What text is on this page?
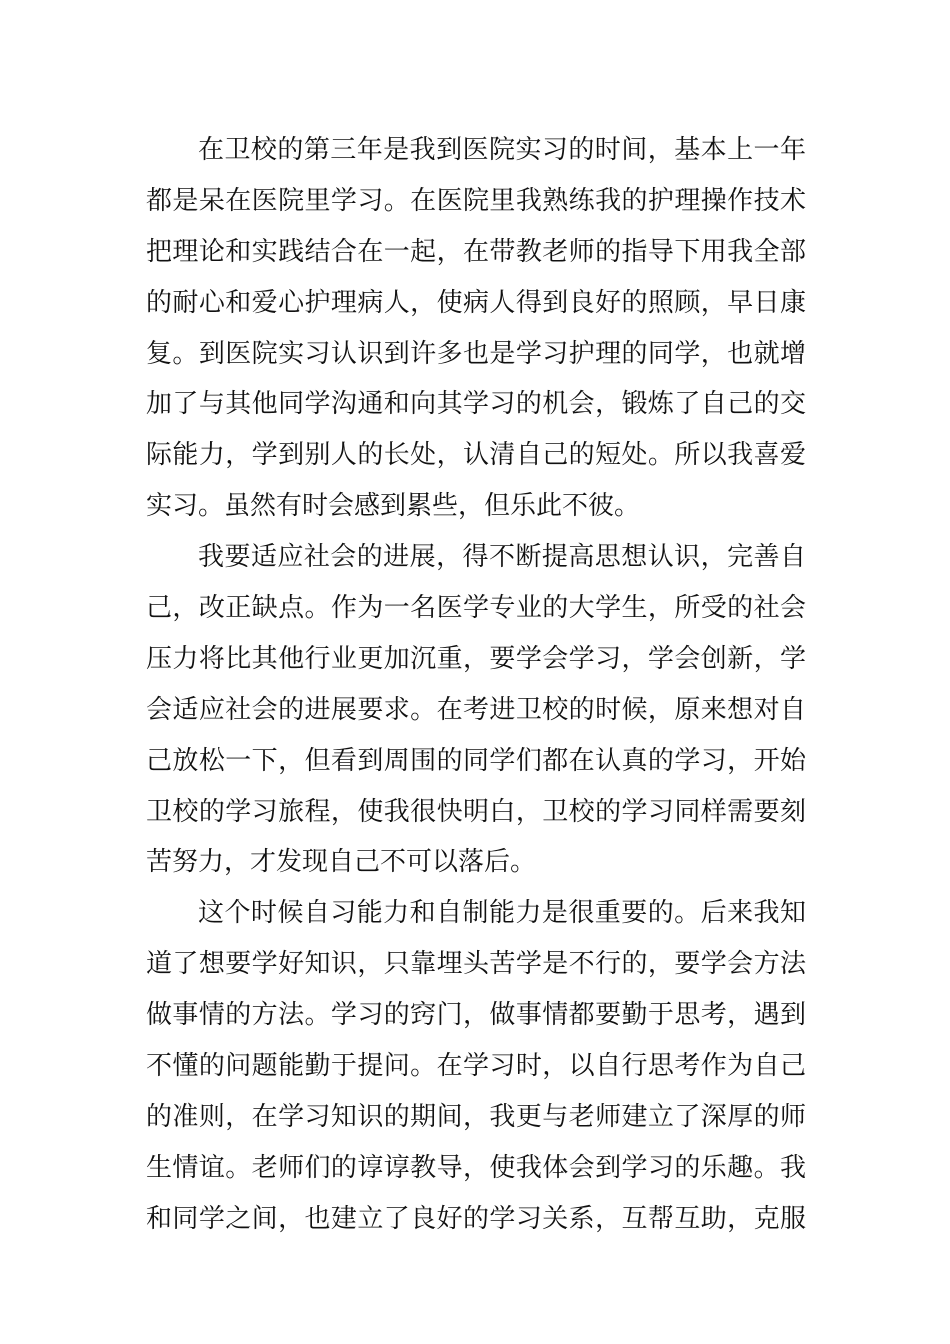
在卫校的第三年是我到医院实习的时间，基本上一年
都是呆在医院里学习。在医院里我熟练我的护理操作技术
把理论和实践结合在一起，在带教老师的指导下用我全部
的耐心和爱心护理病人，使病人得到良好的照顾，早日康
复。到医院实习认识到许多也是学习护理的同学，也就增
加了与其他同学沟通和向其学习的机会，锻炼了自己的交
际能力，学到别人的长处，认清自己的短处。所以我喜爱
实习。虽然有时会感到累些，但乐此不彼。
我要适应社会的进展，得不断提高思想认识，完善自
己，改正缺点。作为一名医学专业的大学生，所受的社会
压力将比其他行业更加沉重，要学会学习，学会创新，学
会适应社会的进展要求。在考进卫校的时候，原来想对自
己放松一下，但看到周围的同学们都在认真的学习，开始
卫校的学习旅程，使我很快明白，卫校的学习同样需要刻
苦努力，才发现自己不可以落后。
这个时候自习能力和自制能力是很重要的。后来我知
道了想要学好知识，只靠埋头苦学是不行的，要学会方法
做事情的方法。学习的窍门，做事情都要勤于思考，遇到
不懂的问题能勤于提问。在学习时，以自行思考作为自己
的准则，在学习知识的期间，我更与老师建立了深厚的师
生情谊。老师们的谆谆教导，使我体会到学习的乐趣。我
和同学之间，也建立了良好的学习关系，互帮互助，克服
